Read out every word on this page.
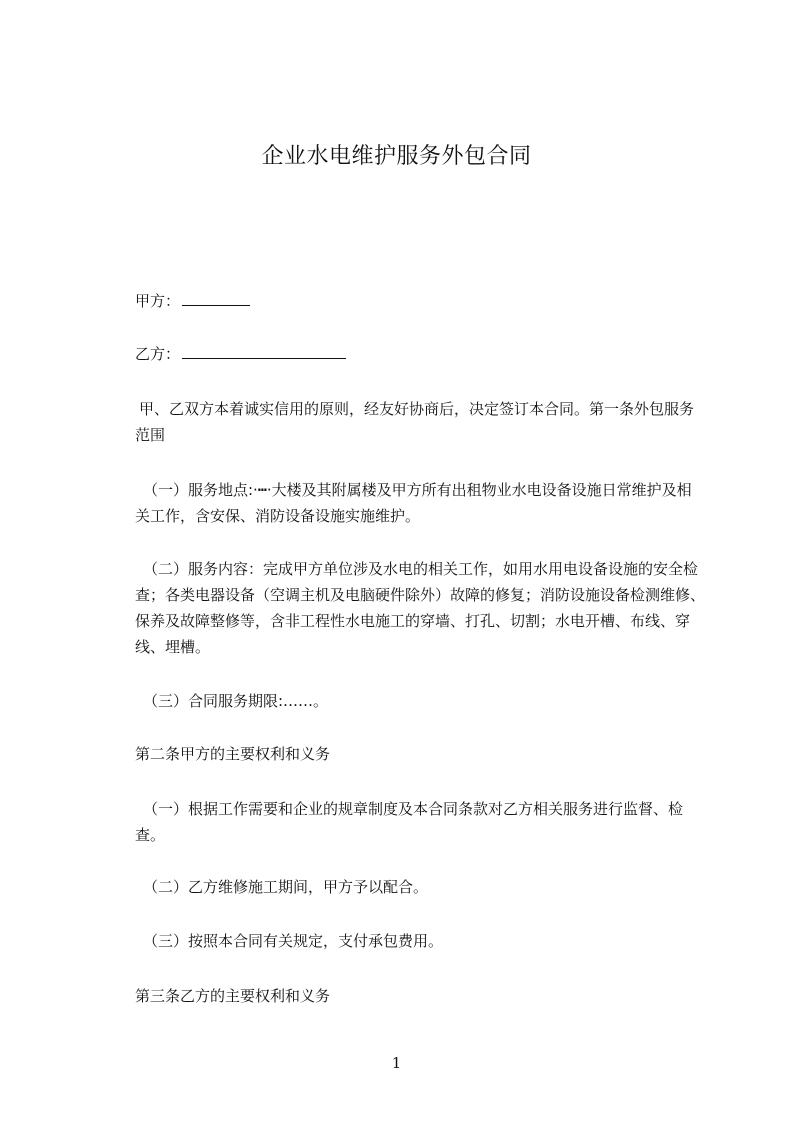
企业水电维护服务外包合同
甲方：
乙方：
甲、乙双方本着诚实信用的原则，经友好协商后，决定签订本合同。第一条外包服务范围
（一）服务地点:·┅·大楼及其附属楼及甲方所有出租物业水电设备设施日常维护及相关工作，含安保、消防设备设施实施维护。
（二）服务内容：完成甲方单位涉及水电的相关工作，如用水用电设备设施的安全检查；各类电器设备（空调主机及电脑硬件除外）故障的修复；消防设施设备检测维修、保养及故障整修等，含非工程性水电施工的穿墙、打孔、切割；水电开槽、布线、穿线、埋槽。
（三）合同服务期限:……。
第二条甲方的主要权利和义务
（一）根据工作需要和企业的规章制度及本合同条款对乙方相关服务进行监督、检查。
（二）乙方维修施工期间，甲方予以配合。
（三）按照本合同有关规定，支付承包费用。
第三条乙方的主要权利和义务
1
